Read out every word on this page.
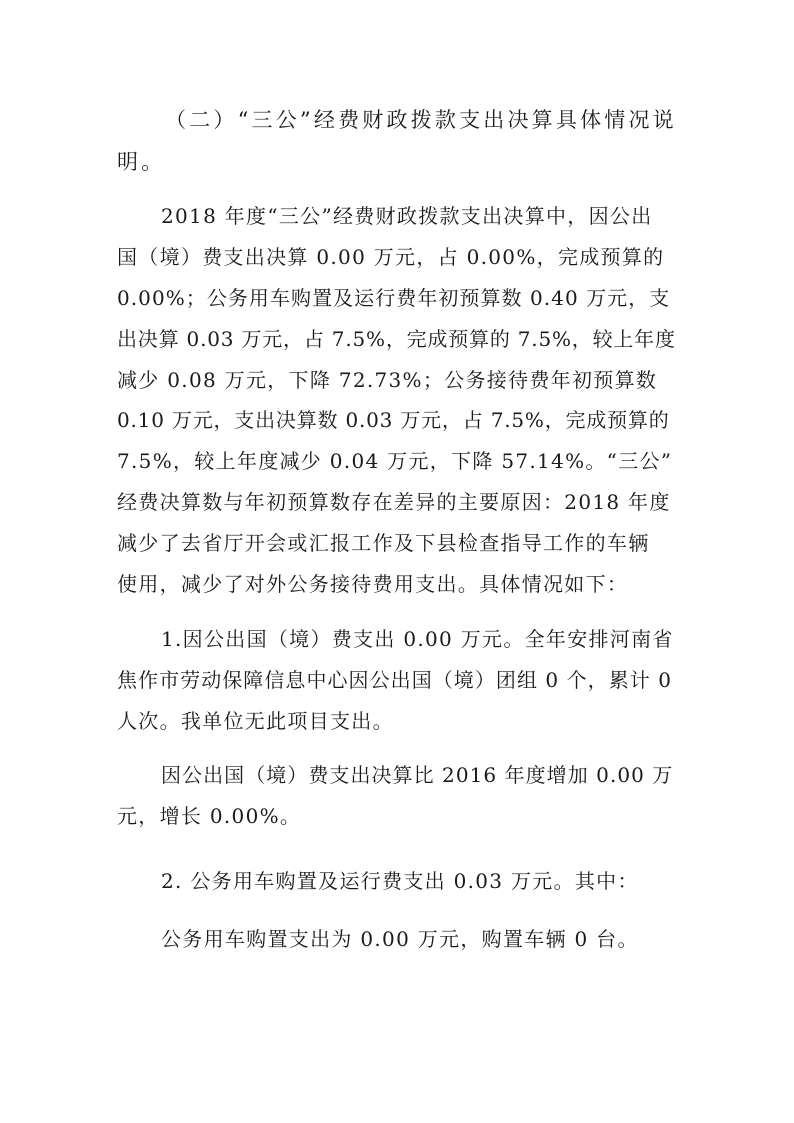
（二）“三公”经费财政拨款支出决算具体情况说
明。
2018 年度“三公”经费财政拨款支出决算中，因公出
国（境）费支出决算 0.00 万元，占 0.00%，完成预算的
0.00%；公务用车购置及运行费年初预算数 0.40 万元，支
出决算 0.03 万元，占 7.5%，完成预算的 7.5%，较上年度
减少 0.08 万元，下降 72.73%；公务接待费年初预算数
0.10 万元，支出决算数 0.03 万元，占 7.5%，完成预算的
7.5%，较上年度减少 0.04 万元，下降 57.14%。“三公”
经费决算数与年初预算数存在差异的主要原因：2018 年度
减少了去省厅开会或汇报工作及下县检查指导工作的车辆
使用，减少了对外公务接待费用支出。具体情况如下：
1.因公出国（境）费支出 0.00 万元。全年安排河南省
焦作市劳动保障信息中心因公出国（境）团组 0 个，累计 0
人次。我单位无此项目支出。
因公出国（境）费支出决算比 2016 年度增加 0.00 万
元，增长 0.00%。
2. 公务用车购置及运行费支出 0.03 万元。其中：
公务用车购置支出为 0.00 万元，购置车辆 0 台。
